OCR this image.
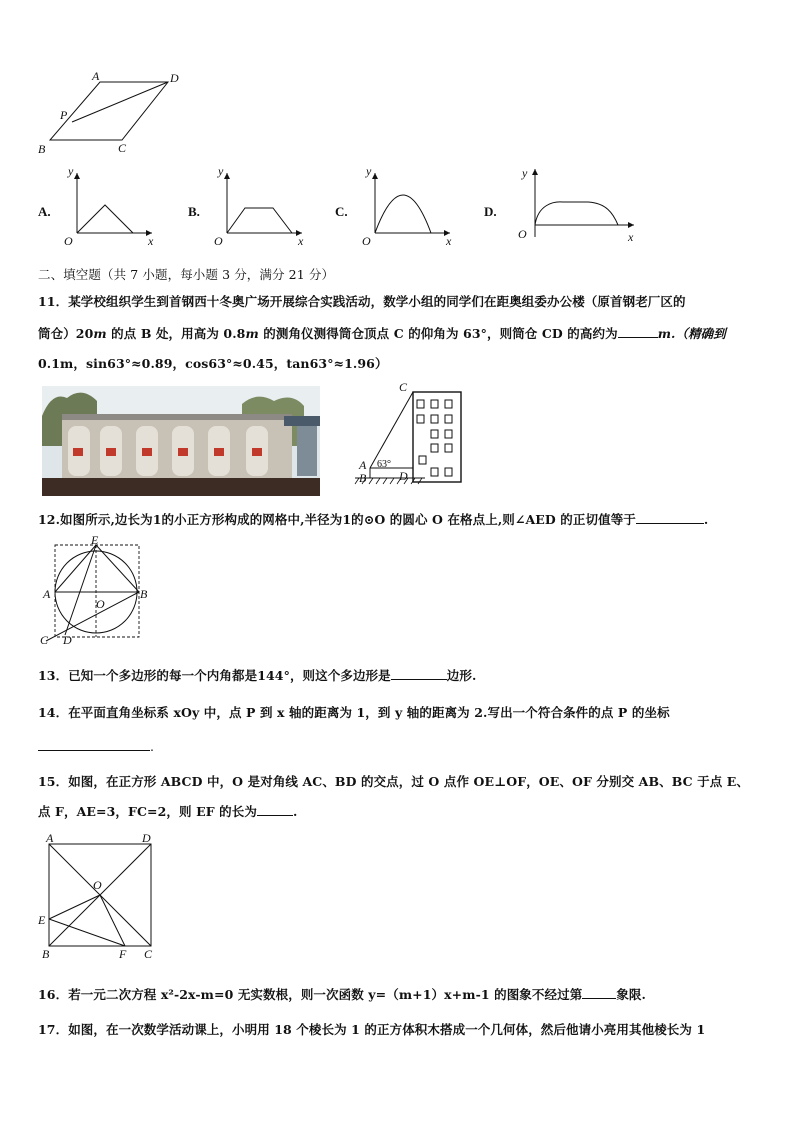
A	D
P
B	C
A.
y
O	x
B.
y
O	x
C.
y
O	x
D.
y
O	x
二、填空题（共 7 小题，每小题 3 分，满分 21 分）
11．某学校组织学生到首钢西十冬奥广场开展综合实践活动，数学小组的同学们在距奥组委办公楼（原首钢老厂区的
筒仓）20m 的点 B 处，用高为 0.8m 的测角仪测得筒仓顶点 C 的仰角为 63°，则筒仓 CD 的高约为	m.（精确到
0.1m，sin63°≈0.89，cos63°≈0.45，tan63°≈1.96）
C
A
B	D
63°
12.如图所示,边长为1的小正方形构成的网格中,半径为1的⊙O 的圆心 O 在格点上,则∠AED 的正切值等于	.
E
A
O
B
C D
13．已知一个多边形的每一个内角都是144°，则这个多边形是	边形.
14．在平面直角坐标系 xOy 中，点 P 到 x 轴的距离为 1，到 y 轴的距离为 2.写出一个符合条件的点 P 的坐标
.
15．如图，在正方形 ABCD 中，O 是对角线 AC、BD 的交点，过 O 点作 OE⊥OF，OE、OF 分别交 AB、BC 于点 E、
点 F，AE=3，FC=2，则 EF 的长为	.
A	D
O
E
B	F C
16．若一元二次方程 x²-2x-m=0 无实数根，则一次函数 y=（m+1）x+m-1 的图象不经过第	象限.
17．如图，在一次数学活动课上，小明用 18 个棱长为 1 的正方体积木搭成一个几何体，然后他请小亮用其他棱长为 1
